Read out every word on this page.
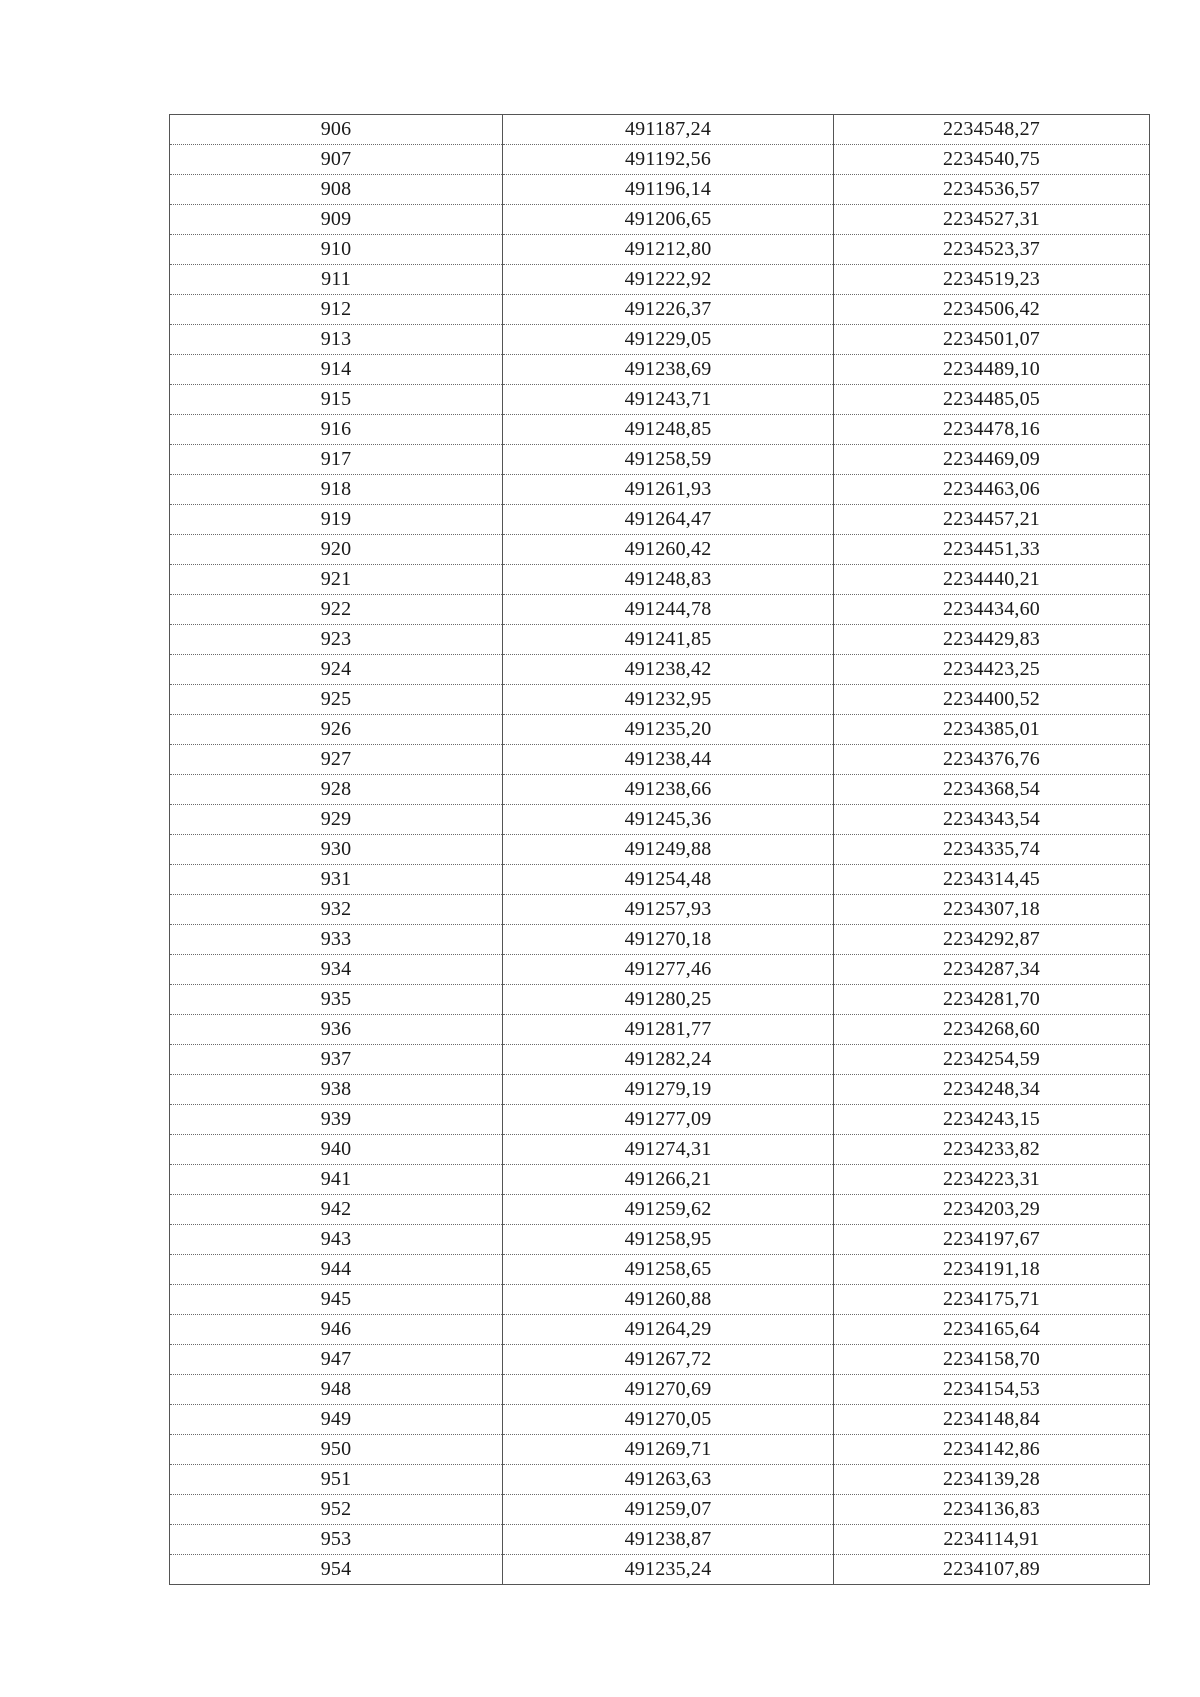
906	491187,24	2234548,27
907	491192,56	2234540,75
908	491196,14	2234536,57
909	491206,65	2234527,31
910	491212,80	2234523,37
911	491222,92	2234519,23
912	491226,37	2234506,42
913	491229,05	2234501,07
914	491238,69	2234489,10
915	491243,71	2234485,05
916	491248,85	2234478,16
917	491258,59	2234469,09
918	491261,93	2234463,06
919	491264,47	2234457,21
920	491260,42	2234451,33
921	491248,83	2234440,21
922	491244,78	2234434,60
923	491241,85	2234429,83
924	491238,42	2234423,25
925	491232,95	2234400,52
926	491235,20	2234385,01
927	491238,44	2234376,76
928	491238,66	2234368,54
929	491245,36	2234343,54
930	491249,88	2234335,74
931	491254,48	2234314,45
932	491257,93	2234307,18
933	491270,18	2234292,87
934	491277,46	2234287,34
935	491280,25	2234281,70
936	491281,77	2234268,60
937	491282,24	2234254,59
938	491279,19	2234248,34
939	491277,09	2234243,15
940	491274,31	2234233,82
941	491266,21	2234223,31
942	491259,62	2234203,29
943	491258,95	2234197,67
944	491258,65	2234191,18
945	491260,88	2234175,71
946	491264,29	2234165,64
947	491267,72	2234158,70
948	491270,69	2234154,53
949	491270,05	2234148,84
950	491269,71	2234142,86
951	491263,63	2234139,28
952	491259,07	2234136,83
953	491238,87	2234114,91
954	491235,24	2234107,89
